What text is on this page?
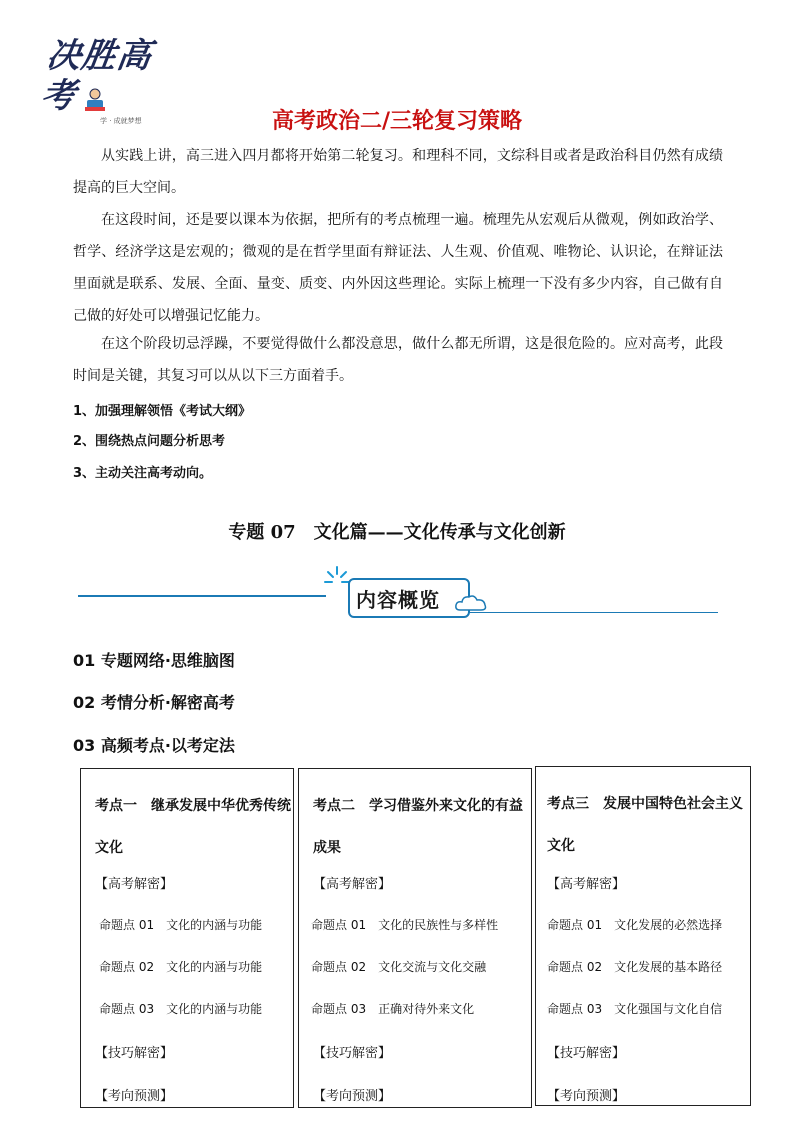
决胜高考
学 · 成就梦想	高考政治二/三轮复习策略
从实践上讲，高三进入四月都将开始第二轮复习。和理科不同，文综科目或者是政治科目仍然有成绩提高的巨大空间。
在这段时间，还是要以课本为依据，把所有的考点梳理一遍。梳理先从宏观后从微观，例如政治学、哲学、经济学这是宏观的；微观的是在哲学里面有辩证法、人生观、价值观、唯物论、认识论，在辩证法里面就是联系、发展、全面、量变、质变、内外因这些理论。实际上梳理一下没有多少内容，自己做有自己做的好处可以增强记忆能力。
在这个阶段切忌浮躁，不要觉得做什么都没意思，做什么都无所谓，这是很危险的。应对高考，此段时间是关键，其复习可以从以下三方面着手。
1、加强理解领悟《考试大纲》
2、围绕热点问题分析思考
3、主动关注高考动向。
专题 07　文化篇——文化传承与文化创新
内容概览
01 专题网络·思维脑图
02 考情分析·解密高考
03 高频考点·以考定法
考点一　继承发展中华优秀传统文化
【高考解密】
命题点 01　文化的内涵与功能
命题点 02　文化的内涵与功能
命题点 03　文化的内涵与功能
【技巧解密】
【考向预测】
考点二　学习借鉴外来文化的有益成果
【高考解密】
命题点 01　文化的民族性与多样性
命题点 02　文化交流与文化交融
命题点 03　正确对待外来文化
【技巧解密】
【考向预测】
考点三　发展中国特色社会主义文化
【高考解密】
命题点 01　文化发展的必然选择
命题点 02　文化发展的基本路径
命题点 03　文化强国与文化自信
【技巧解密】
【考向预测】
